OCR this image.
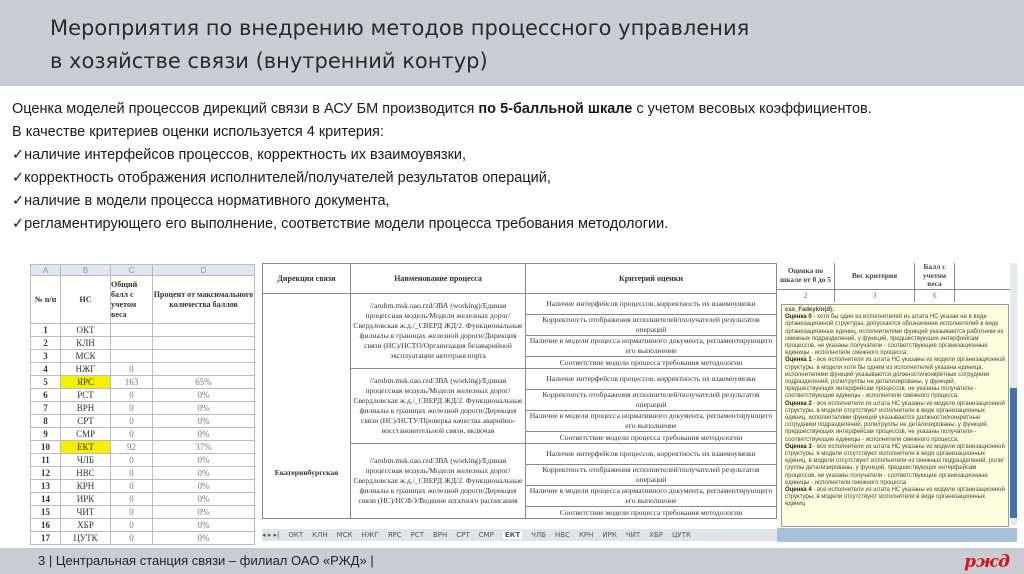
Мероприятия по внедрению методов процессного управления
в хозяйстве связи (внутренний контур)

Оценка моделей процессов дирекций связи в АСУ БМ производится по 5-балльной шкале с учетом весовых коэффициентов.

В качестве критериев оценки используется 4 критерия:

✓наличие интерфейсов процессов, корректность их взаимоувязки,

✓корректность отображения исполнителей/получателей результатов операций,

✓наличие в модели процесса нормативного документа,

✓регламентирующего его выполнение, соответствие модели процесса требования методологии.

A	B	C	D
№ п/п	НС	Общий балл с учетом веса	Процент от максимального количества баллов
1	ОКТ		
2	КЛН		
3	МСК		
4	НЖГ	0	
5	ЯРС	163	65%
6	РСТ	0	0%
7	ВРН	0	0%
8	СРТ	0	0%
9	СМР	0	0%
10	ЕКТ	92	37%
11	ЧЛБ	0	0%
12	НВС	0	0%
13	КРН	0	0%
14	ИРК	0	0%
15	ЧИТ	0	0%
16	ХБР	0	0%
17	ЦУТК	0	0%
Дирекция связи	Наименование процесса	Критерий оценки
Екатеринбургская	//arubm.msk.oao.rzd/ЗВА (working)/Единая процессная модель/Модели железных дорог/Свердловская ж.д./_СВЕРД ЖД/2. Функциональные филиалы в границах железной дороги/Дирекция связи (НС)/НСТО/Организация безаварийной эксплуатации автотранспорта	Наличие интерфейсов процессов, корректность их взаимоувязки
		Корректность отображения исполнителей/получателей результатов операций
		Наличие в модели процесса нормативного документа, регламентирующего его выполнение
		Соответствие модели процесса требования методологии
	//arubm.msk.oao.rzd/ЗВА (working)/Единая процессная модель/Модели железных дорог/Свердловская ж.д./_СВЕРД ЖД/2. Функциональные филиалы в границах железной дороги/Дирекция связи (НС)/НСТУ/Проверка качества аварийно-восстановительной связи, включая	Наличие интерфейсов процессов, корректность их взаимоувязки
		Корректность отображения исполнителей/получателей результатов операций
		Наличие в модели процесса нормативного документа, регламентирующего его выполнение
		Соответствие модели процесса требования методологии
	//arubm.msk.oao.rzd/ЗВА (working)/Единая процессная модель/Модели железных дорог/Свердловская ж.д./_СВЕРД ЖД/2. Функциональные филиалы в границах железной дороги/Дирекция связи (НС)/НСФЭ/Ведение штатного расписания	Наличие интерфейсов процессов, корректность их взаимоувязки
		Корректность отображения исполнителей/получателей результатов операций
		Наличие в модели процесса нормативного документа, регламентирующего его выполнение
		Соответствие модели процесса требования методологии
◂ ▸ ▸| ОКТ КЛН МСК НЖГ ЯРС РСТ ВРН СРТ СМР ЕКТ ЧЛБ НВС КРН ИРК ЧИТ ХБР ЦУТК
Оценка по шкале от 0 до 5	Вес критерия
Балл с учетом веса
2	3	6
css_Fadeykin(d):
Оценка 0 - хотя бы один из исполнителей из штата НС указан не в виде организационной структуры, допускается обозначение исполнителей в виде организационных единиц, исполнителями функций указываются работники из смежных подразделений, у функций, предшествующих интерфейсам процессов, не указаны получатели - соответствующие организационные единицы - исполнители смежного процесса;
Оценка 1 - все исполнители из штата НС указаны из модели организационной структуры, в модели хотя бы одним из исполнителей указана единица, исполнителями функций указываются должности/конкретные сотрудники подразделений, роли/группы не детализированы, у функций, предшествующих интерфейсам процессов, не указаны получатели - соответствующие единицы - исполнители смежного процесса;
Оценка 2 - все исполнители из штата НС указаны из модели организационной структуры, в модели отсутствуют исполнители в виде организационных единиц, исполнителями функций указываются должности/конкретные сотрудники подразделений, роли/группы не детализированы, у функций, предшествующих интерфейсам процессов, не указаны получатели - соответствующие единицы - исполнители смежного процесса;
Оценка 3 - все исполнители из штата НС указаны из модели организационной структуры, в модели отсутствуют исполнители в виде организационных единиц, в модели отсутствуют исполнители из смежных подразделений, роли/группы детализированы, у функций, предшествующих интерфейсам процессов, не указаны получатели - соответствующие организационные единицы - исполнители смежного процесса
Оценка 4 - все исполнители из штата НС указаны из модели организационной структуры, в модели отсутствуют исполнители в виде организационных единиц
3 | Центральная станция связи – филиал ОАО «РЖД» |	ржд
